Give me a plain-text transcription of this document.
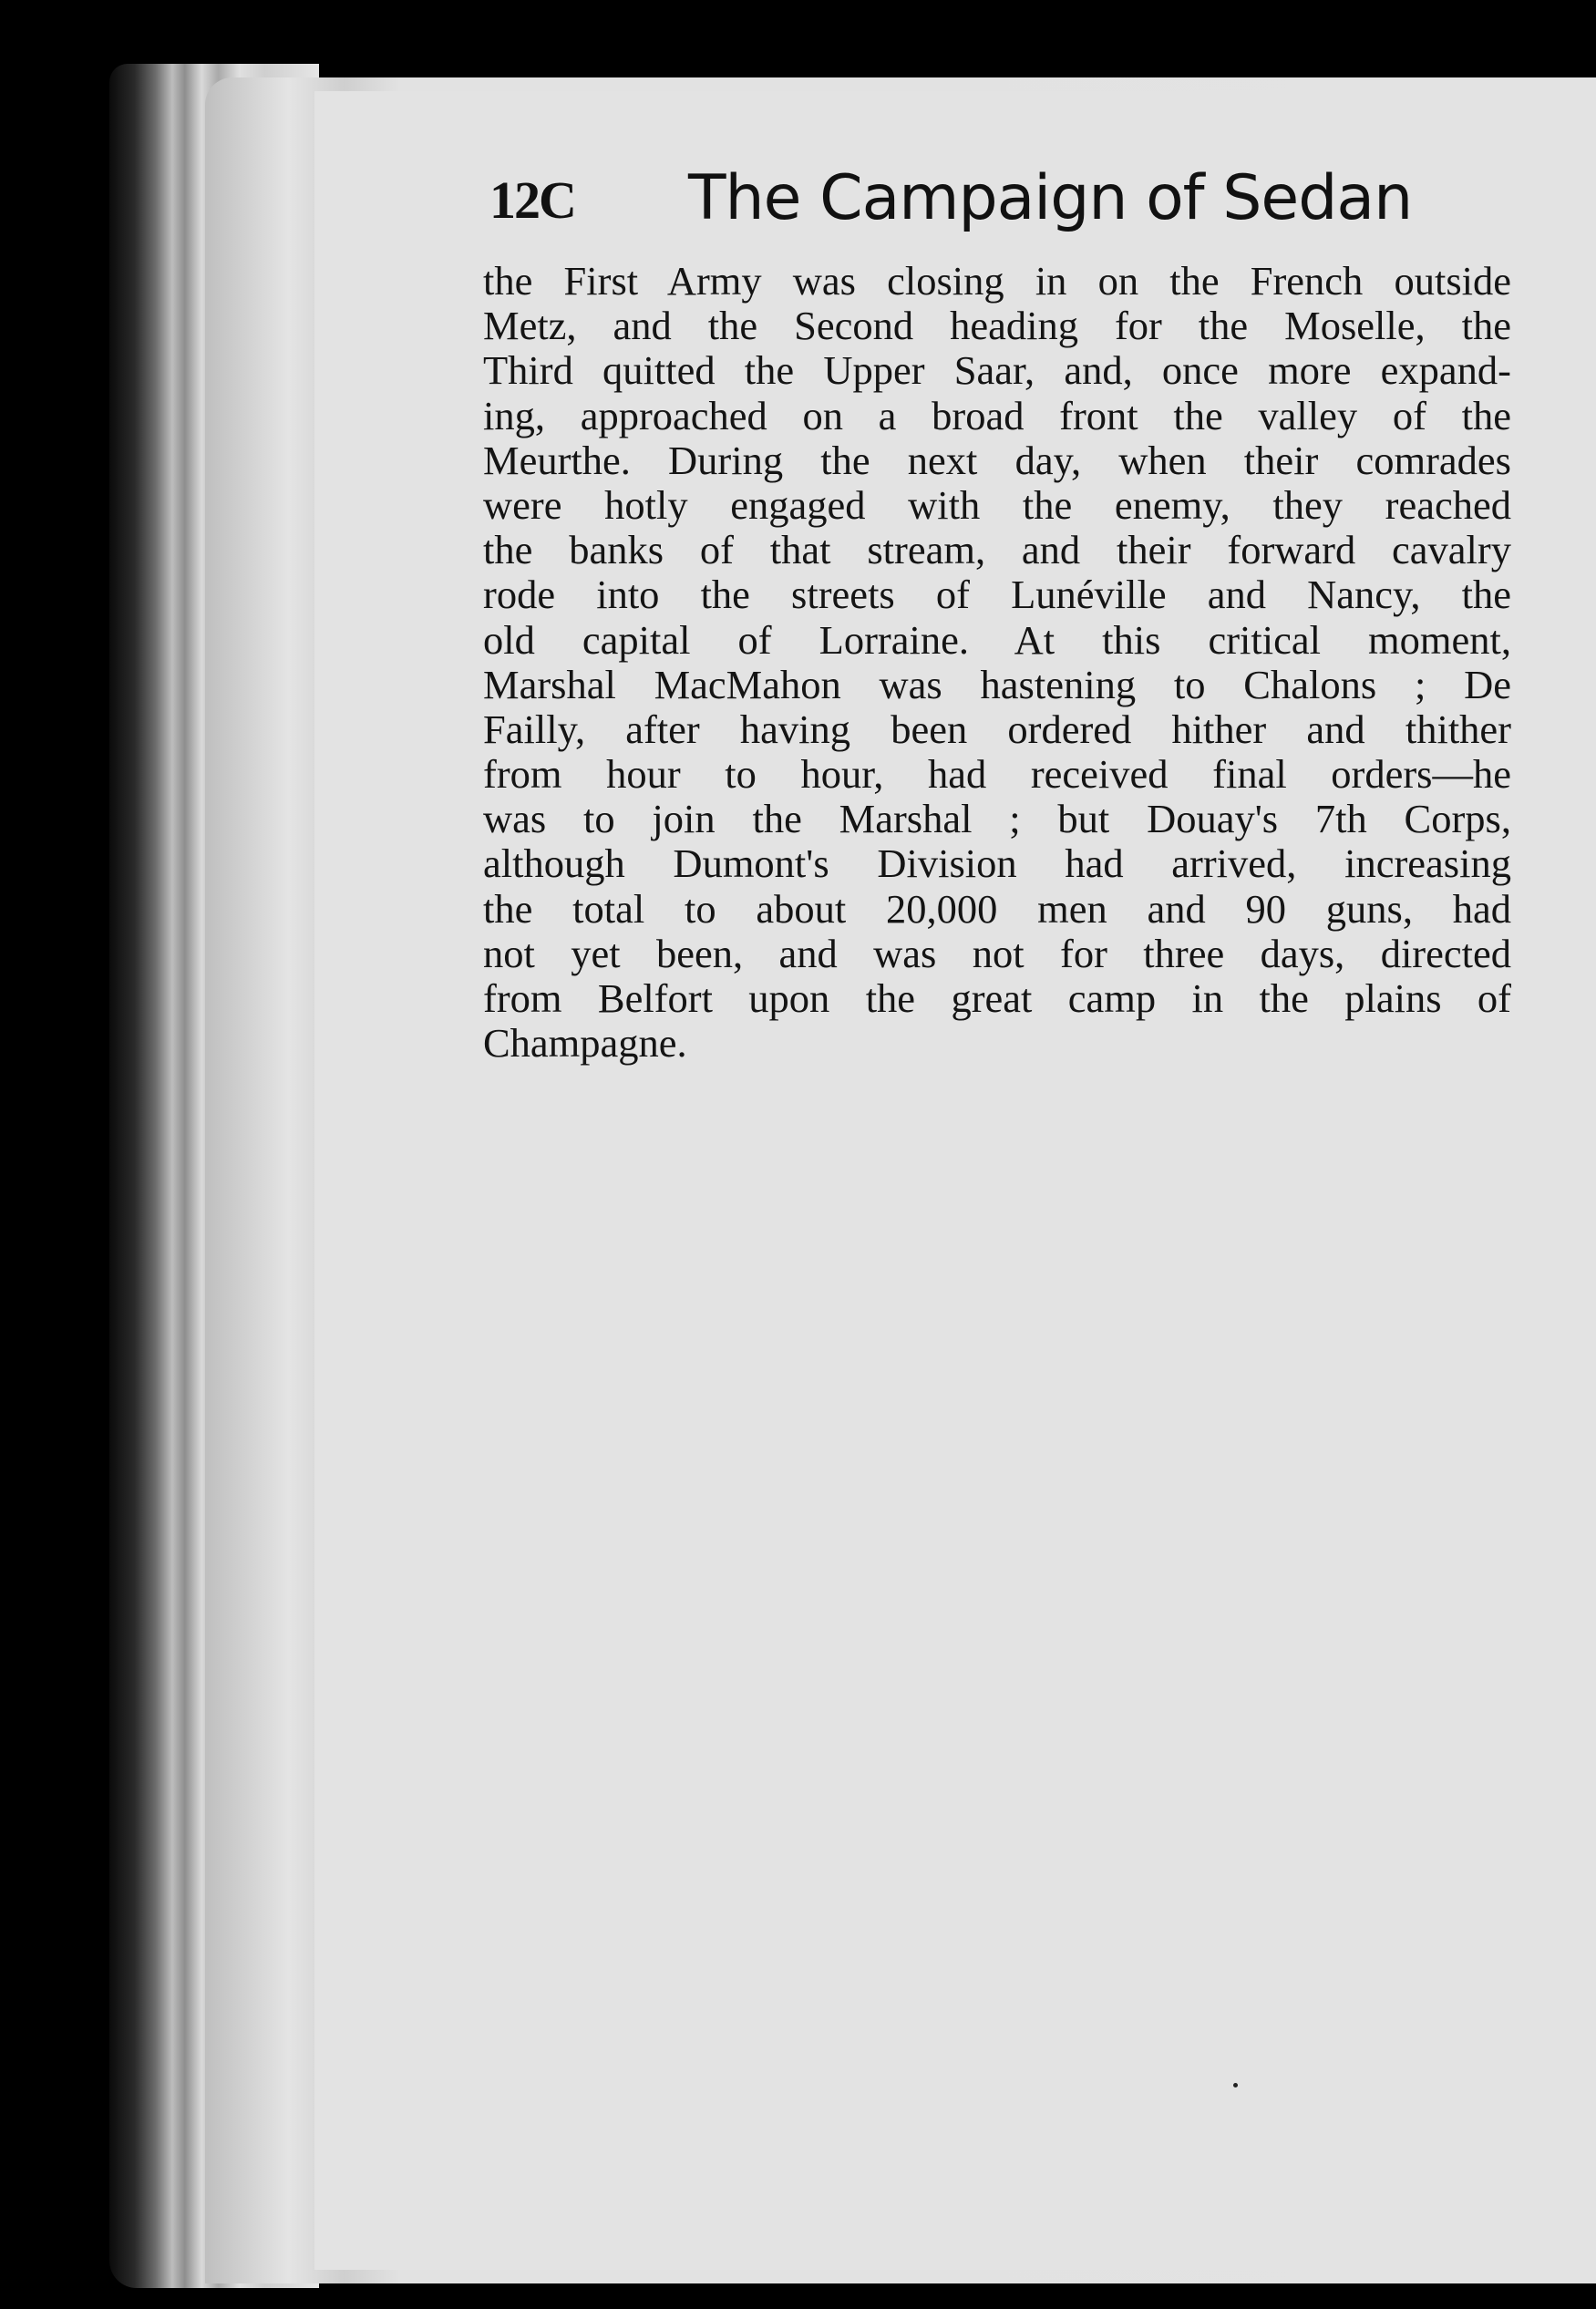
12C The Campaign of Sedan
the First Army was closing in on the French outside
Metz, and the Second heading for the Moselle, the
Third quitted the Upper Saar, and, once more expand-
ing, approached on a broad front the valley of the
Meurthe. During the next day, when their comrades
were hotly engaged with the enemy, they reached
the banks of that stream, and their forward cavalry
rode into the streets of Lunéville and Nancy, the
old capital of Lorraine. At this critical moment,
Marshal MacMahon was hastening to Chalons ; De
Failly, after having been ordered hither and thither
from hour to hour, had received final orders—he
was to join the Marshal ; but Douay's 7th Corps,
although Dumont's Division had arrived, increasing
the total to about 20,000 men and 90 guns, had
not yet been, and was not for three days, directed
from Belfort upon the great camp in the plains of
Champagne.
